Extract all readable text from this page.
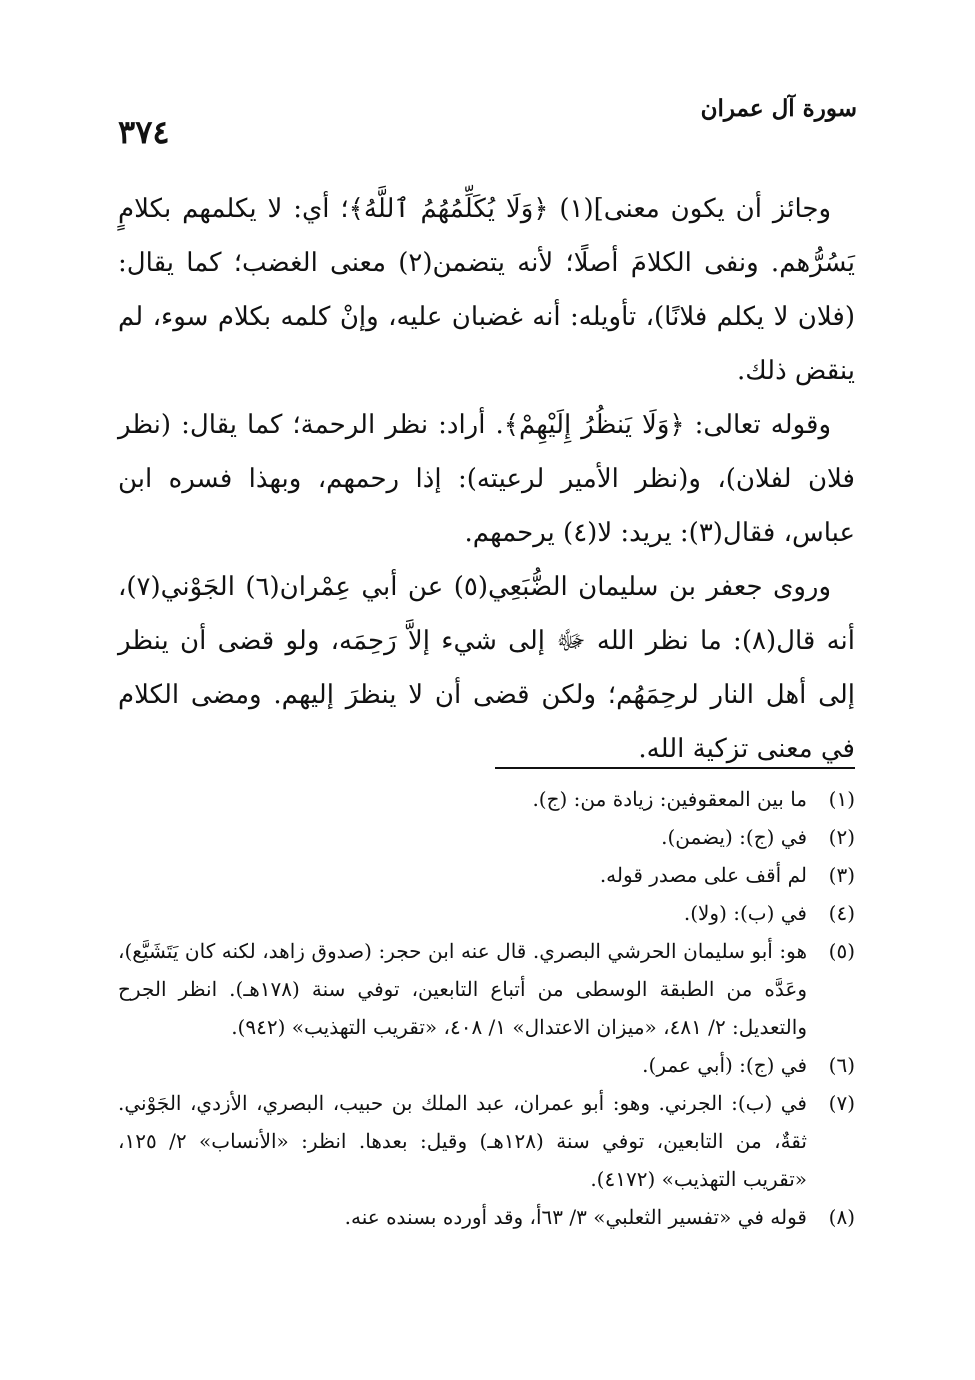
٣٧٤
سورة آل عمران

وجائز أن يكون معنى](١) ﴿وَلَا يُكَلِّمُهُمُ ٱللَّهُ﴾؛ أي: لا يكلمهم بكلامٍ يَسُرُّهم. ونفى الكلامَ أصلًا؛ لأنه يتضمن(٢) معنى الغضب؛ كما يقال: (فلان لا يكلم فلانًا)، تأويله: أنه غضبان عليه، وإنْ كلمه بكلام سوء، لم ينقض ذلك.

وقوله تعالى: ﴿وَلَا يَنظُرُ إِلَيْهِمْ﴾. أراد: نظر الرحمة؛ كما يقال: (نظر فلان لفلان)، و(نظر الأمير لرعيته): إذا رحمهم، وبهذا فسره ابن عباس، فقال(٣): يريد: لا(٤) يرحمهم.

وروى جعفر بن سليمان الضُّبَعِي(٥) عن أبي عِمْران(٦) الجَوْني(٧)، أنه قال(٨): ما نظر الله ﷻ إلى شيء إلاَّ رَحِمَه، ولو قضى أن ينظر إلى أهل النار لرحِمَهُم؛ ولكن قضى أن لا ينظرَ إليهم. ومضى الكلام في معنى تزكية الله.

(١)
ما بين المعقوفين: زيادة من: (ج).
(٢)
في (ج): (يضمن).
(٣)
لم أقف على مصدر قوله.
(٤)
في (ب): (ولا).
(٥)
هو: أبو سليمان الحرشي البصري. قال عنه ابن حجر: (صدوق زاهد، لكنه كان يَتَشَيَّع)، وعَدَّه من الطبقة الوسطى من أتباع التابعين، توفي سنة (١٧٨هـ). انظر الجرح والتعديل: ٢/ ٤٨١، «ميزان الاعتدال» ١/ ٤٠٨، «تقريب التهذيب» (٩٤٢).
(٦)
في (ج): (أبي عمر).
(٧)
في (ب): الجرني. وهو: أبو عمران، عبد الملك بن حبيب، البصري، الأزدي، الجَوْني. ثقةٌ، من التابعين، توفي سنة (١٢٨هـ) وقيل: بعدها. انظر: «الأنساب» ٢/ ١٢٥، «تقريب التهذيب» (٤١٧٢).
(٨)
قوله في «تفسير الثعلبي» ٣/ ٦٣أ، وقد أورده بسنده عنه.
